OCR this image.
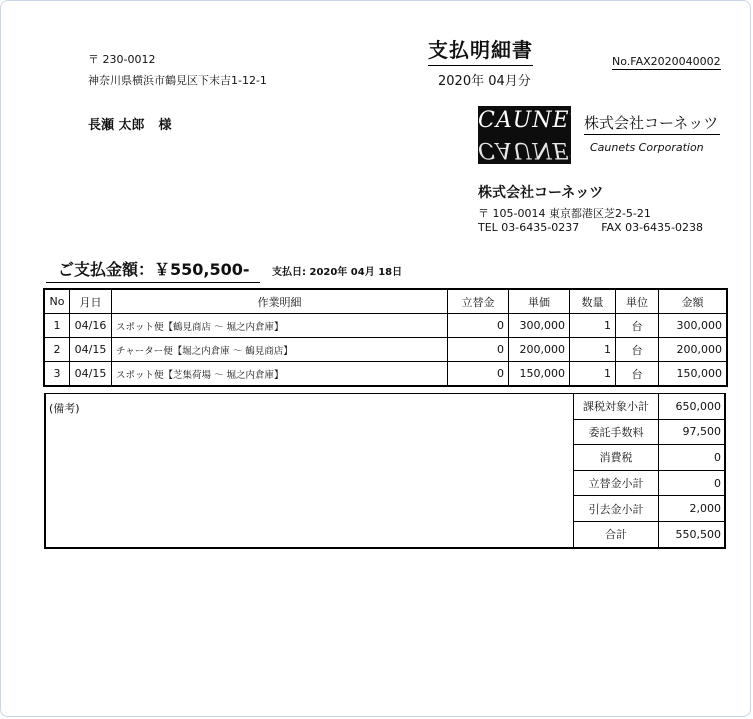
〒 230-0012
神奈川県横浜市鶴見区下末吉1-12-1
長瀬 太郎 様
支払明細書
2020年 04月分
No.FAX2020040002
CAUNETS
CAUNETS
株式会社コーネッツ
Caunets Corporation
株式会社コーネッツ
〒 105-0014 東京都港区芝2-5-21
TEL 03-6435-0237 FAX 03-6435-0238
ご支払金額：￥550,500-	支払日: 2020年 04月 18日
No	月日	作業明細	立替金	単価	数量	単位	金額
1	04/16	スポット便【鶴見商店 ～ 堀之内倉庫】	0	300,000	1	台	300,000
2	04/15	チャーター便【堀之内倉庫 ～ 鶴見商店】	0	200,000	1	台	200,000
3	04/15	スポット便【芝集荷場 ～ 堀之内倉庫】	0	150,000	1	台	150,000
(備考)	課税対象小計	650,000
委託手数料	97,500
消費税	0
立替金小計	0
引去金小計	2,000
合計	550,500
